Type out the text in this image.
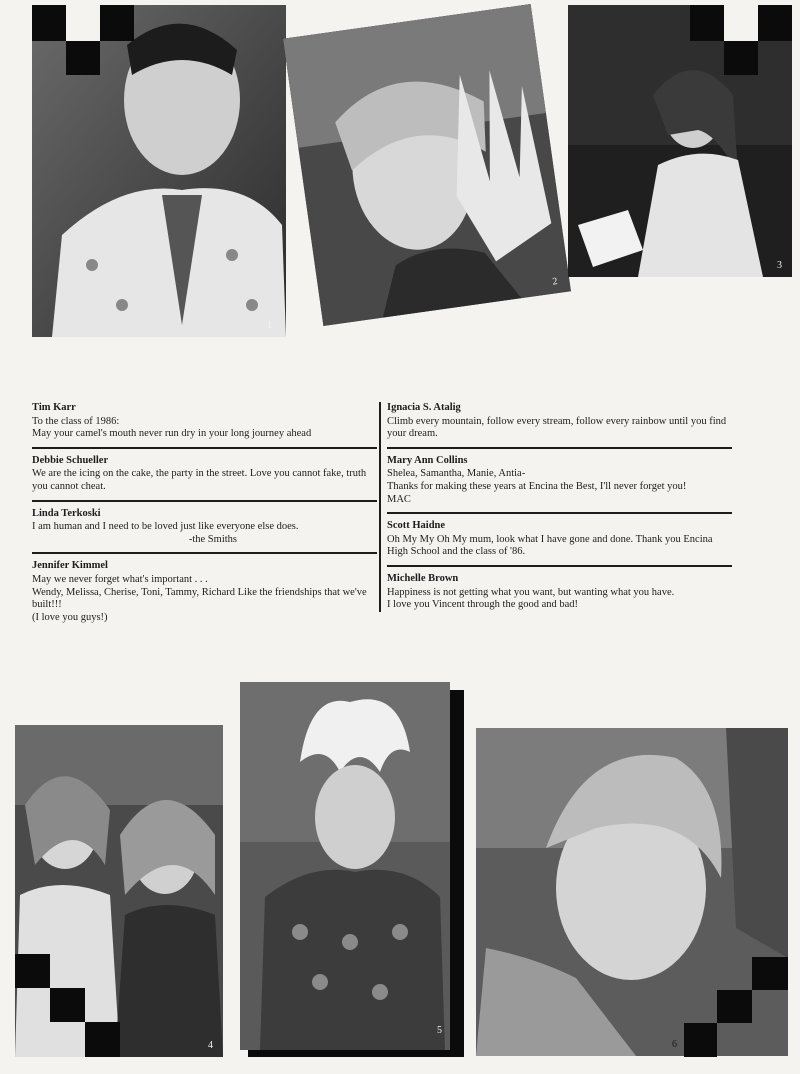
1
2
3
Tim Karr
To the class of 1986:
May your camel's mouth never run dry in your long journey ahead
Debbie Schueller
We are the icing on the cake, the party in the street. Love you cannot fake, truth you cannot cheat.
Linda Terkoski
I am human and I need to be loved just like everyone else does.
-the Smiths
Jennifer Kimmel
May we never forget what's important . . .
Wendy, Melissa, Cherise, Toni, Tammy, Richard Like the friendships that we've built!!!
(I love you guys!)
Ignacia S. Atalig
Climb every mountain, follow every stream, follow every rainbow until you find your dream.
Mary Ann Collins
Shelea, Samantha, Manie, Antia-
Thanks for making these years at Encina the Best, I'll never forget you!
MAC
Scott Haidne
Oh My My Oh My mum, look what I have gone and done. Thank you Encina High School and the class of '86.
Michelle Brown
Happiness is not getting what you want, but wanting what you have.
I love you Vincent through the good and bad!
4
5
6
